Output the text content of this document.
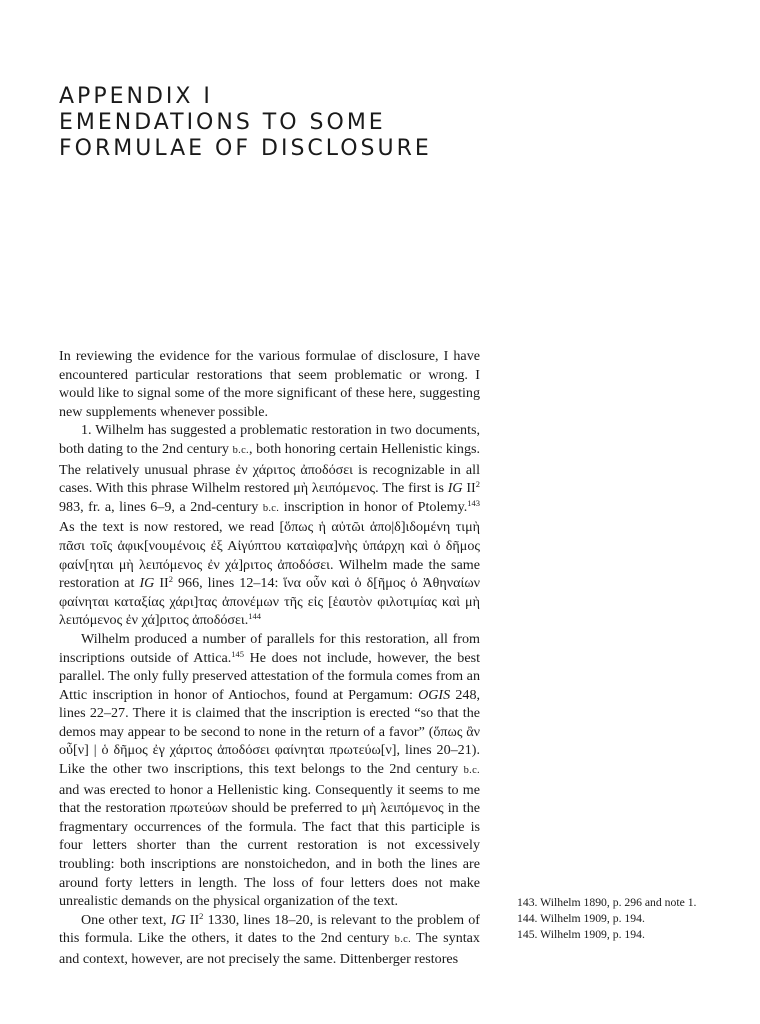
APPENDIX I
EMENDATIONS TO SOME
FORMULAE OF DISCLOSURE

In reviewing the evidence for the various formulae of disclosure, I have encountered particular restorations that seem problematic or wrong. I would like to signal some of the more significant of these here, suggesting new supplements whenever possible.

1. Wilhelm has suggested a problematic restoration in two documents, both dating to the 2nd century b.c., both honoring certain Hellenistic kings. The relatively unusual phrase ἐν χάριτος ἀποδόσει is recognizable in all cases. With this phrase Wilhelm restored μὴ λειπόμενος. The first is IG $II^2$ 983, fr. a, lines 6–9, a 2nd-century b.c. inscription in honor of Ptolemy.$^{143}$ As the text is now restored, we read [ὅπως ἡ αὐτῶι ἀπο|δ]ιδομένη τιμὴ πᾶσι τοῖς ἀφικ[νουμένοις ἐξ Αἰγύπτου καταὶφα]νὴς ὑπάρχη καὶ ὁ δῆμος φαίν[ηται μὴ λειπόμενος ἐν χά]ριτος ἀποδόσει. Wilhelm made the same restoration at IG $II^2$ 966, lines 12–14: ἵνα οὖν καὶ ὁ δ[ῆμος ὁ Ἀθηναίων φαίνηται καταξίας χάρι]τας ἀπονέμων τῆς εἰς [ἑαυτὸν φιλοτιμίας καὶ μὴ λειπόμενος ἐν χά]ριτος ἀποδόσει.$^{144}$

Wilhelm produced a number of parallels for this restoration, all from inscriptions outside of Attica.$^{145}$ He does not include, however, the best parallel. The only fully preserved attestation of the formula comes from an Attic inscription in honor of Antiochos, found at Pergamum: OGIS 248, lines 22–27. There it is claimed that the inscription is erected “so that the demos may appear to be second to none in the return of a favor” (ὅπως ἂν οὖ[ν] | ὁ δῆμος ἐγ χάριτος ἀποδόσει φαίνηται πρωτεύω[ν], lines 20–21). Like the other two inscriptions, this text belongs to the 2nd century b.c. and was erected to honor a Hellenistic king. Consequently it seems to me that the restoration πρωτεύων should be preferred to μὴ λειπόμενος in the fragmentary occurrences of the formula. The fact that this participle is four letters shorter than the current restoration is not excessively troubling: both inscriptions are nonstoichedon, and in both the lines are around forty letters in length. The loss of four letters does not make unrealistic demands on the physical organization of the text.

One other text, IG $II^2$ 1330, lines 18–20, is relevant to the problem of this formula. Like the others, it dates to the 2nd century b.c. The syntax and context, however, are not precisely the same. Dittenberger restores

143. Wilhelm 1890, p. 296 and note 1.
144. Wilhelm 1909, p. 194.
145. Wilhelm 1909, p. 194.
